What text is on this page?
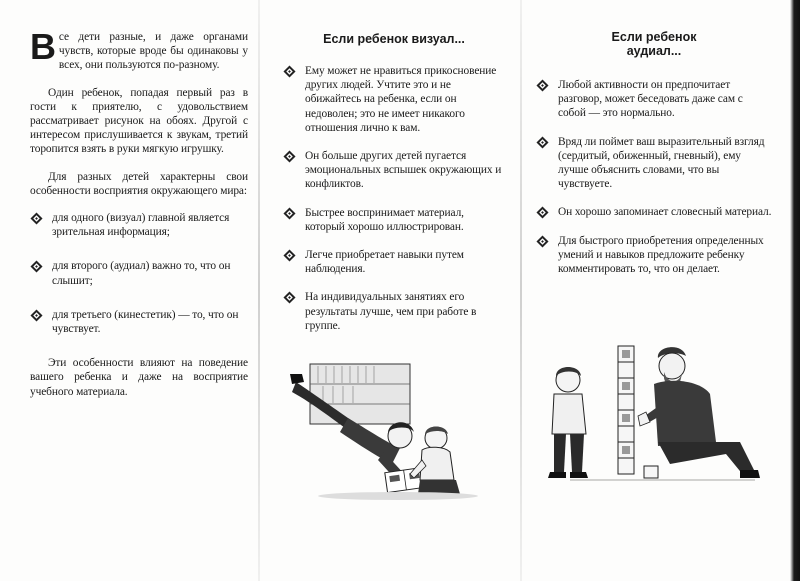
Все дети разные, и даже органами чувств, которые вроде бы одинаковы у всех, они пользуются по-разному.

Один ребенок, попадая первый раз в гости к приятелю, с удовольствием рассматривает рисунок на обоях. Другой с интересом прислушивается к звукам, третий торопится взять в руки мягкую игрушку.

Для разных детей характерны свои особенности восприятия окружающего мира:

для одного (визуал) главной является зрительная информация;

для второго (аудиал) важно то, что он слышит;

для третьего (кинестетик) — то, что он чувствует.

Эти особенности влияют на поведение вашего ребенка и даже на восприятие учебного материала.

Если ребенок визуал...

Ему может не нравиться прикосновение других людей. Учтите это и не обижайтесь на ребенка, если он недоволен; это не имеет никакого отношения лично к вам.

Он больше других детей пугается эмоциональных вспышек окружающих и конфликтов.

Быстрее воспринимает материал, который хорошо иллюстрирован.

Легче приобретает навыки путем наблюдения.

На индивидуальных занятиях его результаты лучше, чем при работе в группе.

Если ребенок
аудиал...

Любой активности он предпочитает разговор, может беседовать даже сам с собой — это нормально.

Вряд ли поймет ваш выразительный взгляд (сердитый, обиженный, гневный), ему лучше объяснить словами, что вы чувствуете.

Он хорошо запоминает словесный материал.

Для быстрого приобретения определенных умений и навыков предложите ребенку комментировать то, что он делает.
